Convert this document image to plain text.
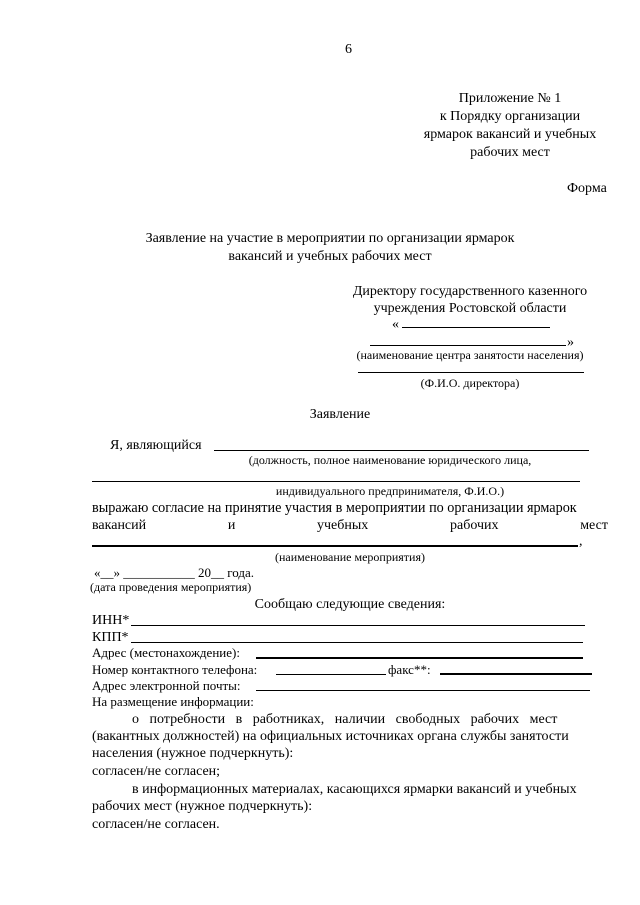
6
Приложение № 1
к Порядку организации
ярмарок вакансий и учебных
рабочих мест
Форма
Заявление на участие в мероприятии по организации ярмарок
вакансий и учебных рабочих мест
Директору государственного казенного
учреждения Ростовской области
«
»
(наименование центра занятости населения)
(Ф.И.О. директора)
Заявление
Я, являющийся
(должность, полное наименование юридического лица,
индивидуального предпринимателя, Ф.И.О.)
выражаю согласие на принятие участия в мероприятии по организации ярмарок
вакансий	и	учебных	рабочих	мест
,
(наименование мероприятия)
«__» ___________ 20__ года.
(дата проведения мероприятия)
Сообщаю следующие сведения:
ИНН*
КПП*
Адрес (местонахождение):
Номер контактного телефона:	факс**:
Адрес электронной почты:
На размещение информации:
о потребности в работниках, наличии свободных рабочих мест
(вакантных должностей) на официальных источниках органа службы занятости
населения (нужное подчеркнуть):
согласен/не согласен;
в информационных материалах, касающихся ярмарки вакансий и учебных
рабочих мест (нужное подчеркнуть):
согласен/не согласен.
